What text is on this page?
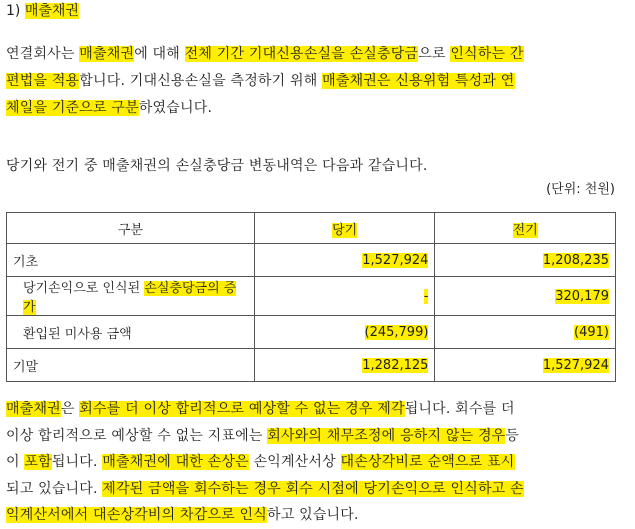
1) 매출채권
연결회사는 매출채권에 대해 전체 기간 기대신용손실을 손실충당금으로 인식하는 간
편법을 적용합니다. 기대신용손실을 측정하기 위해 매출채권은 신용위험 특성과 연
체일을 기준으로 구분하였습니다.
당기와 전기 중 매출채권의 손실충당금 변동내역은 다음과 같습니다.
(단위: 천원)
구분	당기	전기
기초	1,527,924	1,208,235
당기손익으로 인식된 손실충당금의 증가	-	320,179
환입된 미사용 금액	(245,799)	(491)
기말	1,282,125	1,527,924
매출채권은 회수를 더 이상 합리적으로 예상할 수 없는 경우 제각됩니다. 회수를 더
이상 합리적으로 예상할 수 없는 지표에는 회사와의 채무조정에 응하지 않는 경우등
이 포함됩니다. 매출채권에 대한 손상은 손익계산서상 대손상각비로 순액으로 표시
되고 있습니다. 제각된 금액을 회수하는 경우 회수 시점에 당기손익으로 인식하고 손
익계산서에서 대손상각비의 차감으로 인식하고 있습니다.
